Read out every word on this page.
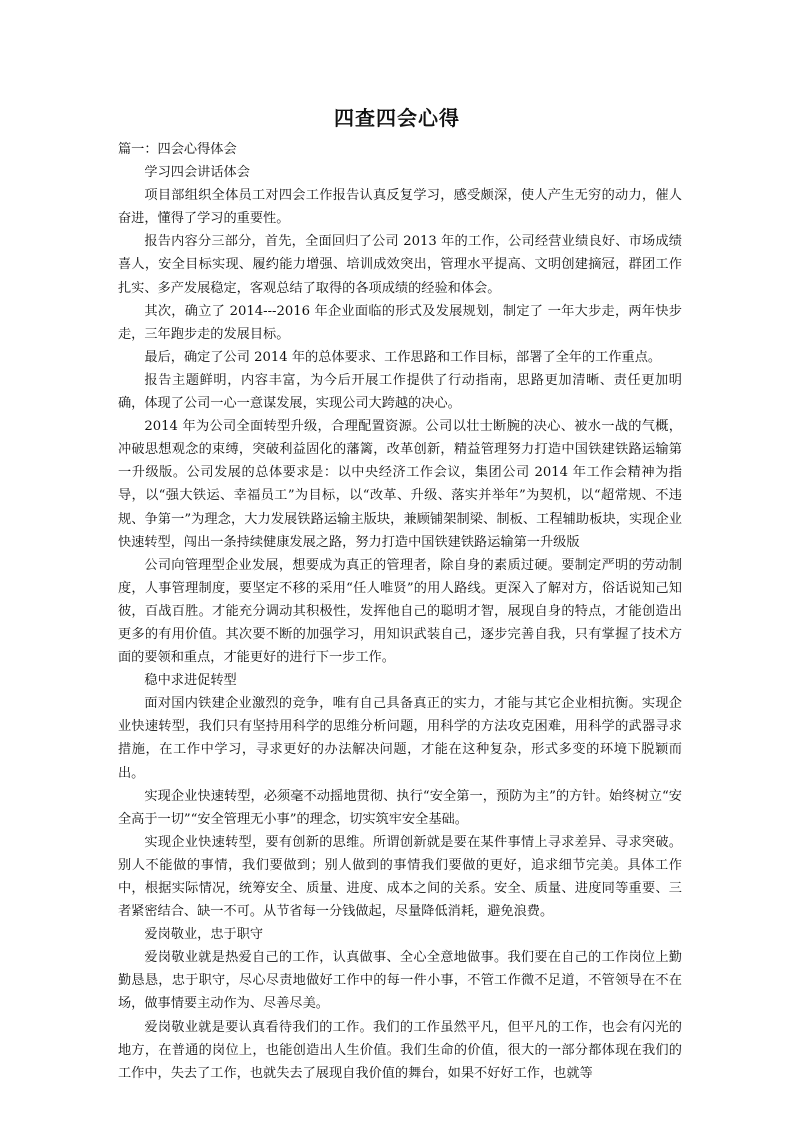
四查四会心得

篇一：四会心得体会

学习四会讲话体会

项目部组织全体员工对四会工作报告认真反复学习，感受颇深，使人产生无穷的动力，催人奋进，懂得了学习的重要性。

报告内容分三部分，首先，全面回归了公司 2013 年的工作，公司经营业绩良好、市场成绩喜人，安全目标实现、履约能力增强、培训成效突出，管理水平提高、文明创建摘冠，群团工作扎实、多产发展稳定，客观总结了取得的各项成绩的经验和体会。

其次，确立了 2014---2016 年企业面临的形式及发展规划，制定了 一年大步走，两年快步走，三年跑步走的发展目标。

最后，确定了公司 2014 年的总体要求、工作思路和工作目标，部署了全年的工作重点。

报告主题鲜明，内容丰富，为今后开展工作提供了行动指南，思路更加清晰、责任更加明确，体现了公司一心一意谋发展，实现公司大跨越的决心。

2014 年为公司全面转型升级，合理配置资源。公司以壮士断腕的决心、被水一战的气概，冲破思想观念的束缚，突破利益固化的藩篱，改革创新，精益管理努力打造中国铁建铁路运输第一升级版。公司发展的总体要求是：以中央经济工作会议，集团公司 2014 年工作会精神为指导，以“强大铁运、幸福员工”为目标，以“改革、升级、落实并举年”为契机，以“超常规、不违规、争第一”为理念，大力发展铁路运输主版块，兼顾铺架制梁、制板、工程辅助板块，实现企业快速转型，闯出一条持续健康发展之路，努力打造中国铁建铁路运输第一升级版

公司向管理型企业发展，想要成为真正的管理者，除自身的素质过硬。要制定严明的劳动制度，人事管理制度，要坚定不移的采用“任人唯贤”的用人路线。更深入了解对方，俗话说知己知彼，百战百胜。才能充分调动其积极性，发挥他自己的聪明才智，展现自身的特点，才能创造出更多的有用价值。其次要不断的加强学习，用知识武装自己，逐步完善自我，只有掌握了技术方面的要领和重点，才能更好的进行下一步工作。

稳中求进促转型

面对国内铁建企业激烈的竞争，唯有自己具备真正的实力，才能与其它企业相抗衡。实现企业快速转型，我们只有坚持用科学的思维分析问题，用科学的方法攻克困难，用科学的武器寻求措施，在工作中学习，寻求更好的办法解决问题，才能在这种复杂，形式多变的环境下脱颖而出。

实现企业快速转型，必须毫不动摇地贯彻、执行“安全第一，预防为主”的方针。始终树立“安全高于一切”“安全管理无小事”的理念，切实筑牢安全基础。

实现企业快速转型，要有创新的思维。所谓创新就是要在某件事情上寻求差异、寻求突破。别人不能做的事情，我们要做到；别人做到的事情我们要做的更好，追求细节完美。具体工作中，根据实际情况，统筹安全、质量、进度、成本之间的关系。安全、质量、进度同等重要、三者紧密结合、缺一不可。从节省每一分钱做起，尽量降低消耗，避免浪费。

爱岗敬业，忠于职守

爱岗敬业就是热爱自己的工作，认真做事、全心全意地做事。我们要在自己的工作岗位上勤勤恳恳，忠于职守，尽心尽责地做好工作中的每一件小事，不管工作微不足道，不管领导在不在场，做事情要主动作为、尽善尽美。

爱岗敬业就是要认真看待我们的工作。我们的工作虽然平凡，但平凡的工作，也会有闪光的地方，在普通的岗位上，也能创造出人生价值。我们生命的价值，很大的一部分都体现在我们的工作中，失去了工作，也就失去了展现自我价值的舞台，如果不好好工作，也就等
